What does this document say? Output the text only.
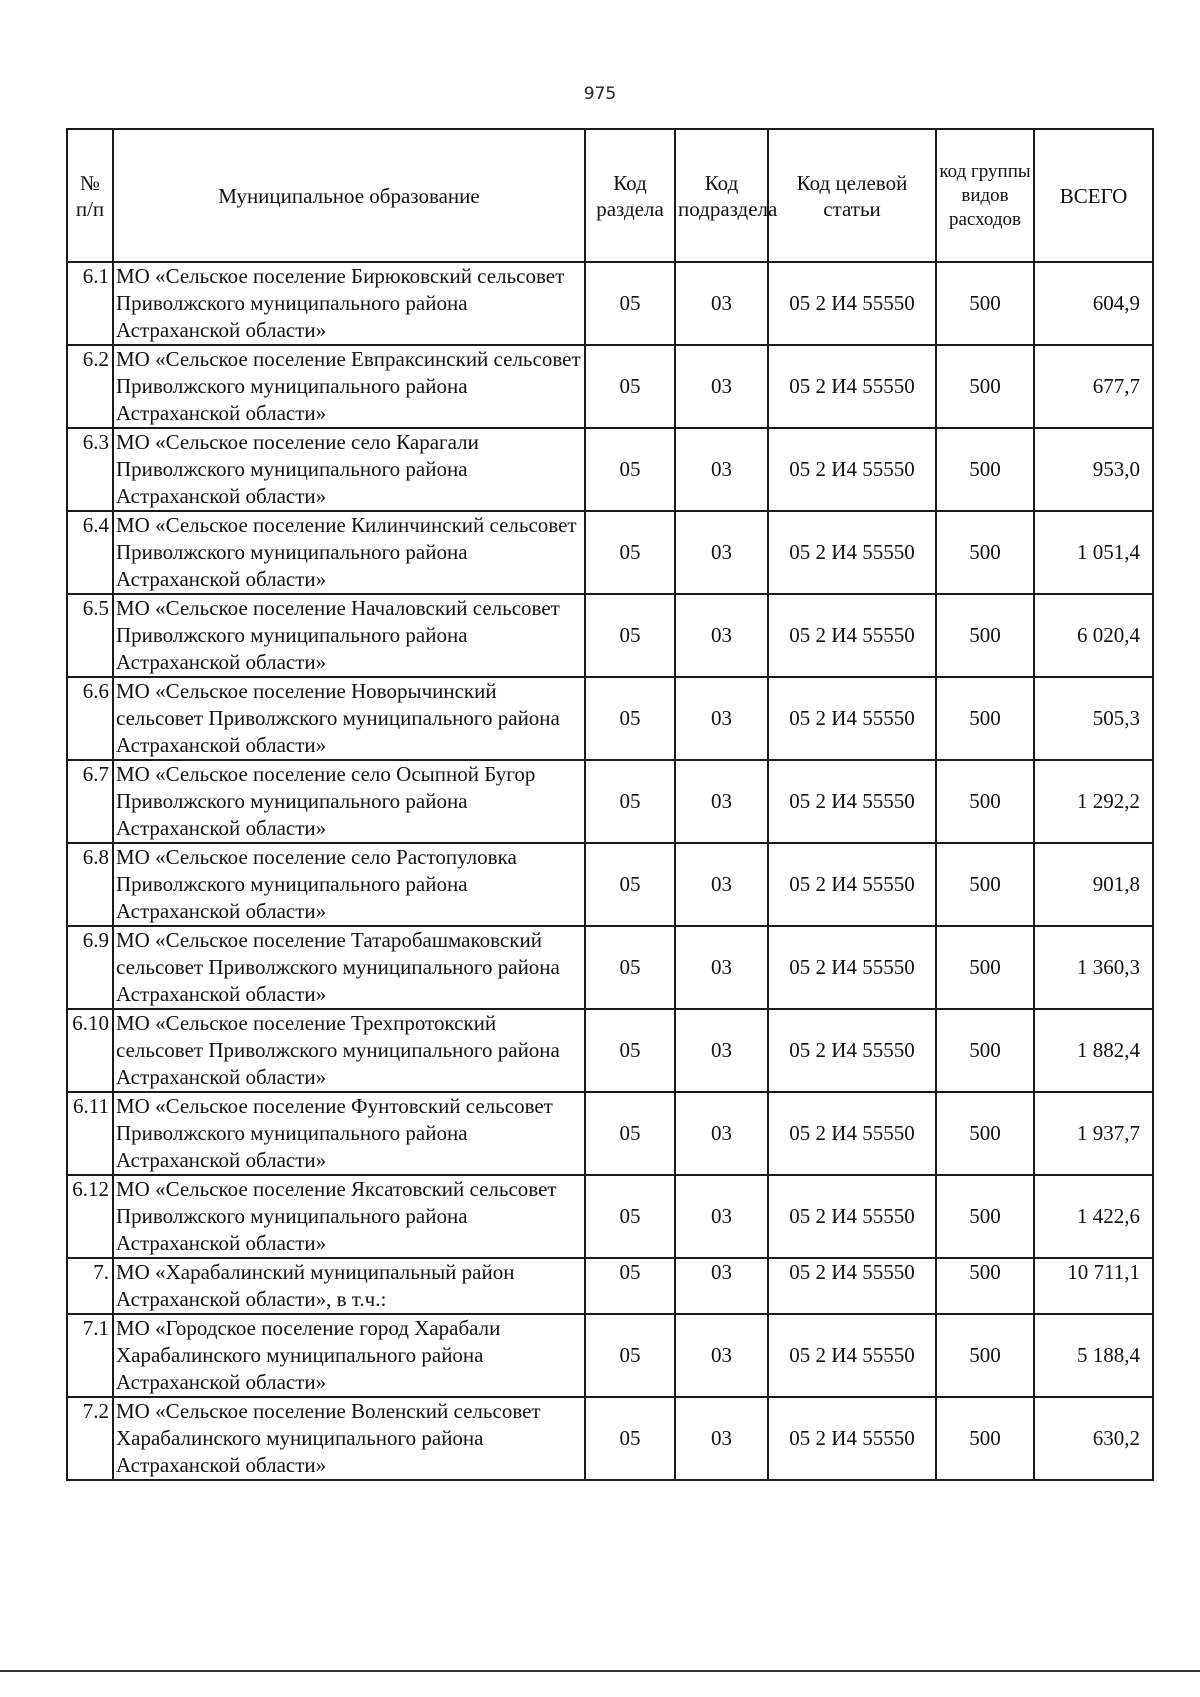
975
№ п/п	Муниципальное образование	Код раздела	Код подраздела	Код целевой статьи	код группы видов расходов	ВСЕГО
6.1	МО «Сельское поселение Бирюковский сельсовет Приволжского муниципального района Астраханской области»	05	03	05 2 И4 55550	500	604,9
6.2	МО «Сельское поселение Евпраксинский сельсовет Приволжского муниципального района Астраханской области»	05	03	05 2 И4 55550	500	677,7
6.3	МО «Сельское поселение село Карагали Приволжского муниципального района Астраханской области»	05	03	05 2 И4 55550	500	953,0
6.4	МО «Сельское поселение Килинчинский сельсовет Приволжского муниципального района Астраханской области»	05	03	05 2 И4 55550	500	1 051,4
6.5	МО «Сельское поселение Началовский сельсовет Приволжского муниципального района Астраханской области»	05	03	05 2 И4 55550	500	6 020,4
6.6	МО «Сельское поселение Новорычинский сельсовет Приволжского муниципального района Астраханской области»	05	03	05 2 И4 55550	500	505,3
6.7	МО «Сельское поселение село Осыпной Бугор Приволжского муниципального района Астраханской области»	05	03	05 2 И4 55550	500	1 292,2
6.8	МО «Сельское поселение село Растопуловка Приволжского муниципального района Астраханской области»	05	03	05 2 И4 55550	500	901,8
6.9	МО «Сельское поселение Татаробашмаковский сельсовет Приволжского муниципального района Астраханской области»	05	03	05 2 И4 55550	500	1 360,3
6.10	МО «Сельское поселение Трехпротокский сельсовет Приволжского муниципального района Астраханской области»	05	03	05 2 И4 55550	500	1 882,4
6.11	МО «Сельское поселение Фунтовский сельсовет Приволжского муниципального района Астраханской области»	05	03	05 2 И4 55550	500	1 937,7
6.12	МО «Сельское поселение Яксатовский сельсовет Приволжского муниципального района Астраханской области»	05	03	05 2 И4 55550	500	1 422,6
7.	МО «Харабалинский муниципальный район Астраханской области», в т.ч.:	05	03	05 2 И4 55550	500	10 711,1
7.1	МО «Городское поселение город Харабали Харабалинского муниципального района Астраханской области»	05	03	05 2 И4 55550	500	5 188,4
7.2	МО «Сельское поселение Воленский сельсовет Харабалинского муниципального района Астраханской области»	05	03	05 2 И4 55550	500	630,2
